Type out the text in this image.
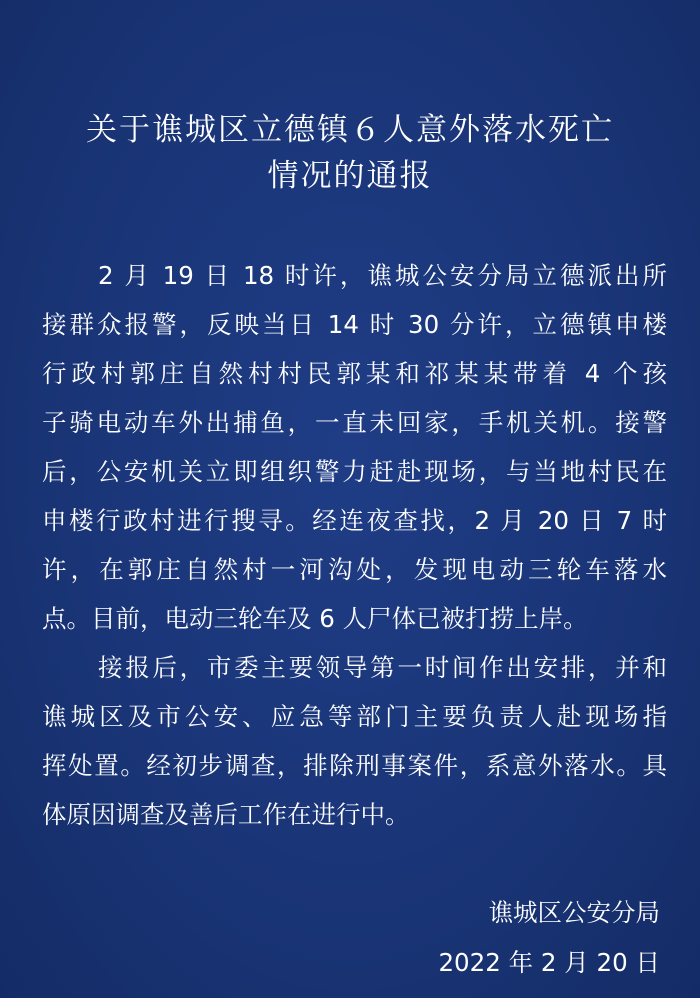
关于谯城区立德镇６人意外落水死亡
情况的通报
2 月 19 日 18 时许，谯城公安分局立德派出所
接群众报警，反映当日 14 时 30 分许，立德镇申楼
行政村郭庄自然村村民郭某和祁某某带着 4 个孩
子骑电动车外出捕鱼，一直未回家，手机关机。接警
后，公安机关立即组织警力赶赴现场，与当地村民在
申楼行政村进行搜寻。经连夜查找，2 月 20 日 7 时
许，在郭庄自然村一河沟处，发现电动三轮车落水
点。目前，电动三轮车及 6 人尸体已被打捞上岸。
接报后，市委主要领导第一时间作出安排，并和
谯城区及市公安、应急等部门主要负责人赴现场指
挥处置。经初步调查，排除刑事案件，系意外落水。具
体原因调查及善后工作在进行中。
谯城区公安分局
2022 年 2 月 20 日
